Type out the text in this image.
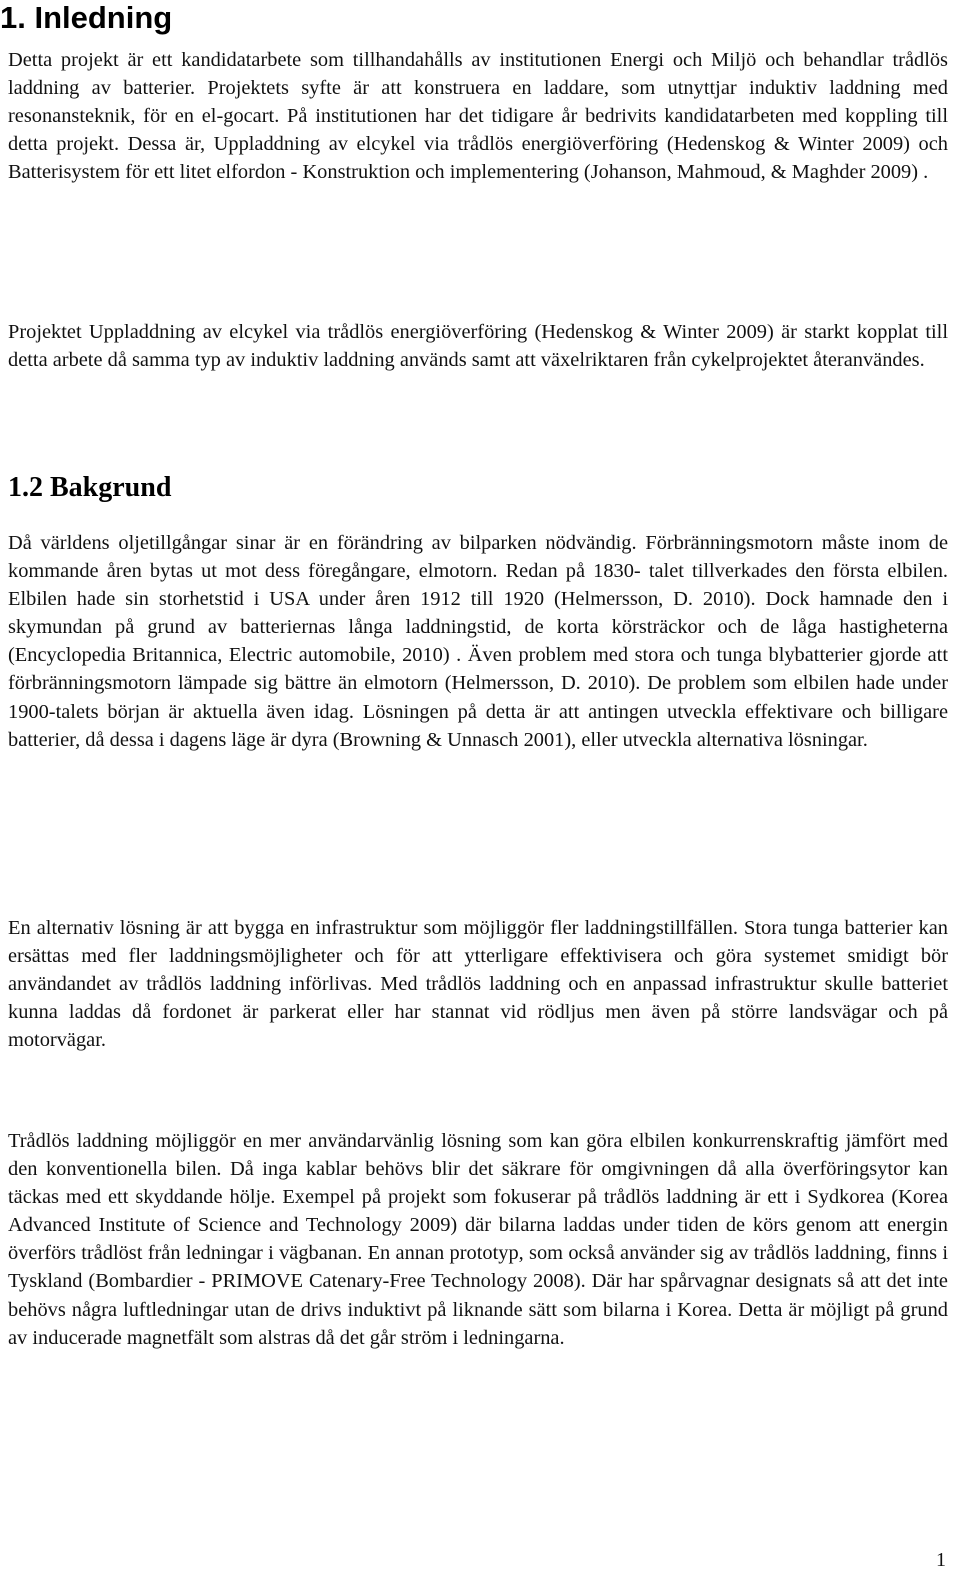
1. Inledning

Detta projekt är ett kandidatarbete som tillhandahålls av institutionen Energi och Miljö och behandlar trådlös laddning av batterier. Projektets syfte är att konstruera en laddare, som utnyttjar induktiv laddning med resonansteknik, för en el-gocart. På institutionen har det tidigare år bedrivits kandidatarbeten med koppling till detta projekt. Dessa är, Uppladdning av elcykel via trådlös energiöverföring (Hedenskog & Winter 2009) och Batterisystem för ett litet elfordon - Konstruktion och implementering (Johanson, Mahmoud, & Maghder 2009) .

Projektet Uppladdning av elcykel via trådlös energiöverföring (Hedenskog & Winter 2009) är starkt kopplat till detta arbete då samma typ av induktiv laddning används samt att växelriktaren från cykelprojektet återanvändes.

1.2 Bakgrund

Då världens oljetillgångar sinar är en förändring av bilparken nödvändig. Förbränningsmotorn måste inom de kommande åren bytas ut mot dess föregångare, elmotorn. Redan på 1830- talet tillverkades den första elbilen. Elbilen hade sin storhetstid i USA under åren 1912 till 1920 (Helmersson, D. 2010). Dock hamnade den i skymundan på grund av batteriernas långa laddningstid, de korta körsträckor och de låga hastigheterna (Encyclopedia Britannica, Electric automobile, 2010) . Även problem med stora och tunga blybatterier gjorde att förbränningsmotorn lämpade sig bättre än elmotorn (Helmersson, D. 2010). De problem som elbilen hade under 1900-talets början är aktuella även idag. Lösningen på detta är att antingen utveckla effektivare och billigare batterier, då dessa i dagens läge är dyra (Browning & Unnasch 2001), eller utveckla alternativa lösningar.

En alternativ lösning är att bygga en infrastruktur som möjliggör fler laddningstillfällen. Stora tunga batterier kan ersättas med fler laddningsmöjligheter och för att ytterligare effektivisera och göra systemet smidigt bör användandet av trådlös laddning införlivas. Med trådlös laddning och en anpassad infrastruktur skulle batteriet kunna laddas då fordonet är parkerat eller har stannat vid rödljus men även på större landsvägar och på motorvägar.

Trådlös laddning möjliggör en mer användarvänlig lösning som kan göra elbilen konkurrenskraftig jämfört med den konventionella bilen. Då inga kablar behövs blir det säkrare för omgivningen då alla överföringsytor kan täckas med ett skyddande hölje. Exempel på projekt som fokuserar på trådlös laddning är ett i Sydkorea (Korea Advanced Institute of Science and Technology 2009) där bilarna laddas under tiden de körs genom att energin överförs trådlöst från ledningar i vägbanan. En annan prototyp, som också använder sig av trådlös laddning, finns i Tyskland (Bombardier - PRIMOVE Catenary-Free Technology 2008). Där har spårvagnar designats så att det inte behövs några luftledningar utan de drivs induktivt på liknande sätt som bilarna i Korea. Detta är möjligt på grund av inducerade magnetfält som alstras då det går ström i ledningarna.

1
